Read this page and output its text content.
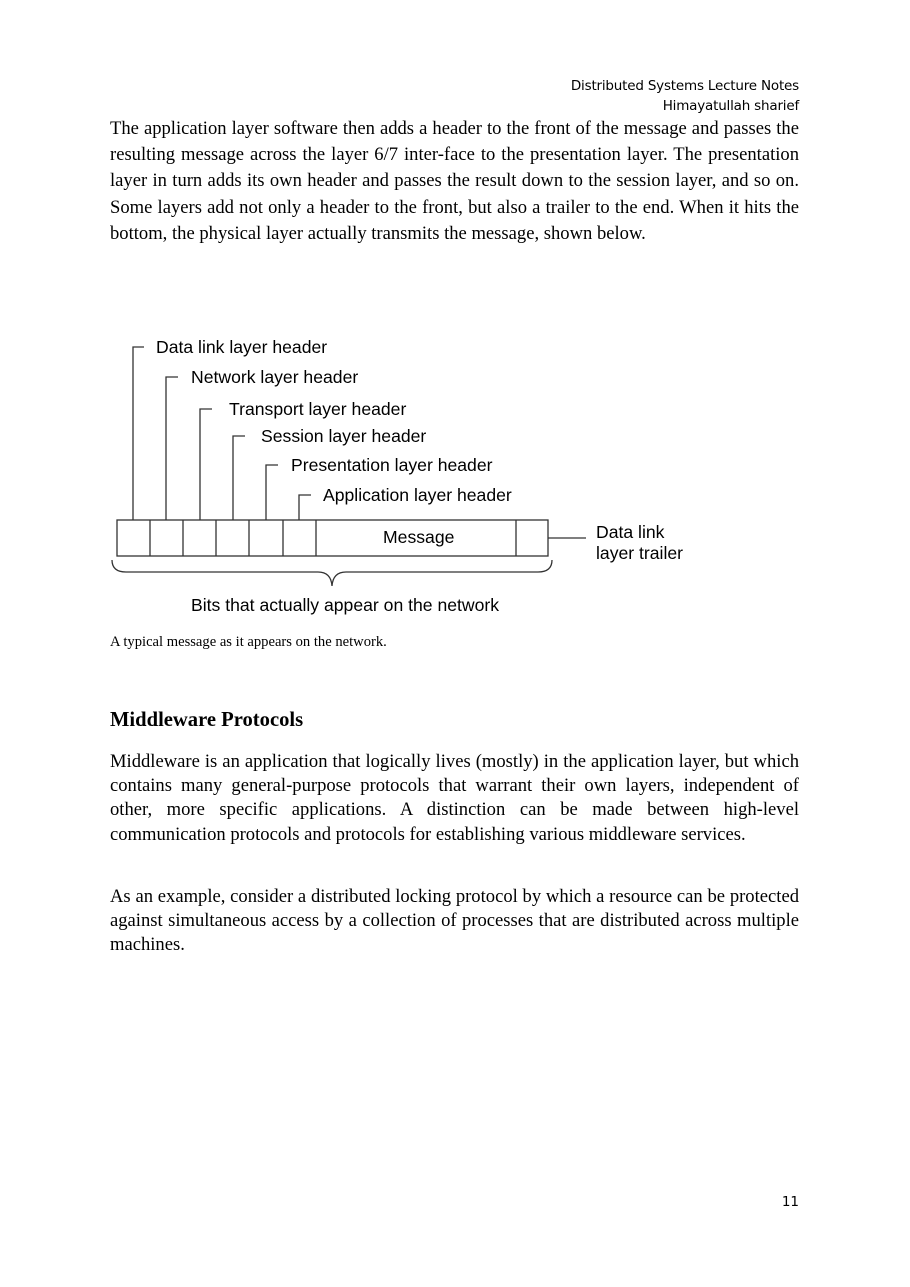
Distributed Systems Lecture Notes
Himayatullah sharief

The application layer software then adds a header to the front of the message and passes the resulting message across the layer 6/7 inter-face to the presentation layer. The presentation layer in turn adds its own header and passes the result down to the session layer, and so on. Some layers add not only a header to the front, but also a trailer to the end. When it hits the bottom, the physical layer actually transmits the message, shown below.

Data link layer header
Network layer header
Transport layer header
Session layer header
Presentation layer header
Application layer header
Message	Data link
layer trailer
Bits that actually appear on the network
A typical message as it appears on the network.
Middleware Protocols

Middleware is an application that logically lives (mostly) in the application layer, but which contains many general-purpose protocols that warrant their own layers, independent of other, more specific applications. A distinction can be made between high-level communication protocols and protocols for establishing various middleware services.

As an example, consider a distributed locking protocol by which a resource can be protected against simultaneous access by a collection of processes that are distributed across multiple machines.

11
